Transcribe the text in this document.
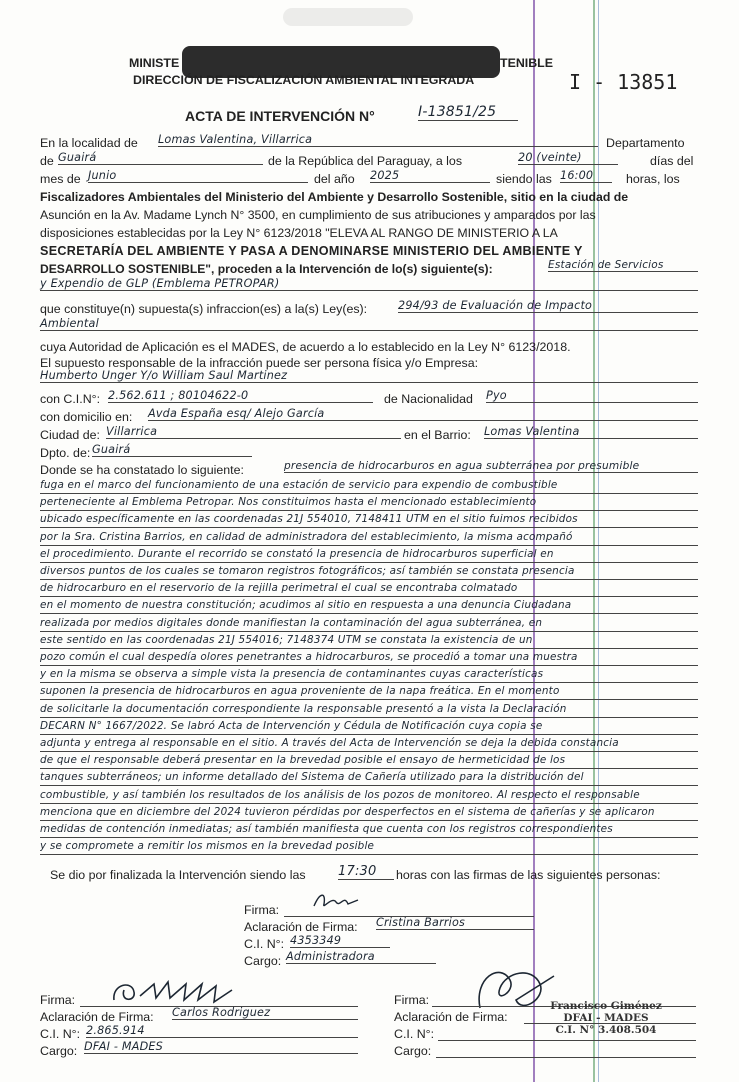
MINISTE	TENIBLE
DIRECCIÓN DE FISCALIZACIÓN AMBIENTAL INTEGRADA	I - 13851
ACTA DE INTERVENCIÓN N°	I-13851/25
En la localidad de Lomas Valentina, Villarrica	Departamento
de Guairá	de la República del Paraguay, a los	20 (veinte)	días del
mes de Junio	del año 2025	siendo las 16:00	horas, los
Fiscalizadores Ambientales del Ministerio del Ambiente y Desarrollo Sostenible, sitio en la ciudad de
Asunción en la Av. Madame Lynch N° 3500, en cumplimiento de sus atribuciones y amparados por las
disposiciones establecidas por la Ley N° 6123/2018 "ELEVA AL RANGO DE MINISTERIO A LA
SECRETARÍA DEL AMBIENTE Y PASA A DENOMINARSE MINISTERIO DEL AMBIENTE Y
DESARROLLO SOSTENIBLE", proceden a la Intervención de lo(s) siguiente(s):	Estación de Servicios
y Expendio de GLP (Emblema PETROPAR)
que constituye(n) supuesta(s) infraccion(es) a la(s) Ley(es):	294/93 de Evaluación de Impacto
Ambiental
cuya Autoridad de Aplicación es el MADES, de acuerdo a lo establecido en la Ley N° 6123/2018.
El supuesto responsable de la infracción puede ser persona física y/o Empresa:
Humberto Unger Y/o William Saul Martinez
con C.I.N°: 2.562.611 ; 80104622-0	de Nacionalidad Pyo
con domicilio en: Avda España esq/ Alejo García
Ciudad de: Villarrica	en el Barrio: Lomas Valentina
Dpto. de: Guairá
Donde se ha constatado lo siguiente:	presencia de hidrocarburos en agua subterránea por presumible
fuga en el marco del funcionamiento de una estación de servicio para expendio de combustible
perteneciente al Emblema Petropar. Nos constituimos hasta el mencionado establecimiento
ubicado específicamente en las coordenadas 21J 554010, 7148411 UTM en el sitio fuimos recibidos
por la Sra. Cristina Barrios, en calidad de administradora del establecimiento, la misma acompañó
el procedimiento. Durante el recorrido se constató la presencia de hidrocarburos superficial en
diversos puntos de los cuales se tomaron registros fotográficos; así también se constata presencia
de hidrocarburo en el reservorio de la rejilla perimetral el cual se encontraba colmatado
en el momento de nuestra constitución; acudimos al sitio en respuesta a una denuncia Ciudadana
realizada por medios digitales donde manifiestan la contaminación del agua subterránea, en
este sentido en las coordenadas 21J 554016; 7148374 UTM se constata la existencia de un
pozo común el cual despedía olores penetrantes a hidrocarburos, se procedió a tomar una muestra
y en la misma se observa a simple vista la presencia de contaminantes cuyas características
suponen la presencia de hidrocarburos en agua proveniente de la napa freática. En el momento
de solicitarle la documentación correspondiente la responsable presentó a la vista la Declaración
DECARN N° 1667/2022. Se labró Acta de Intervención y Cédula de Notificación cuya copia se
adjunta y entrega al responsable en el sitio. A través del Acta de Intervención se deja la debida constancia
de que el responsable deberá presentar en la brevedad posible el ensayo de hermeticidad de los
tanques subterráneos; un informe detallado del Sistema de Cañería utilizado para la distribución del
combustible, y así también los resultados de los análisis de los pozos de monitoreo. Al respecto el responsable
menciona que en diciembre del 2024 tuvieron pérdidas por desperfectos en el sistema de cañerías y se aplicaron
medidas de contención inmediatas; así también manifiesta que cuenta con los registros correspondientes
y se compromete a remitir los mismos en la brevedad posible
Se dio por finalizada la Intervención siendo las 17:30	horas con las firmas de las siguientes personas:
Firma:
Aclaración de Firma: Cristina Barrios
C.I. N°: 4353349
Cargo: Administradora
Firma:
Aclaración de Firma: Carlos Rodriguez
C.I. N°: 2.865.914
Cargo: DFAI - MADES
Firma:
Aclaración de Firma:
C.I. N°:
Cargo:
Francisco Giménez
DFAI - MADES
C.I. N° 3.408.504
